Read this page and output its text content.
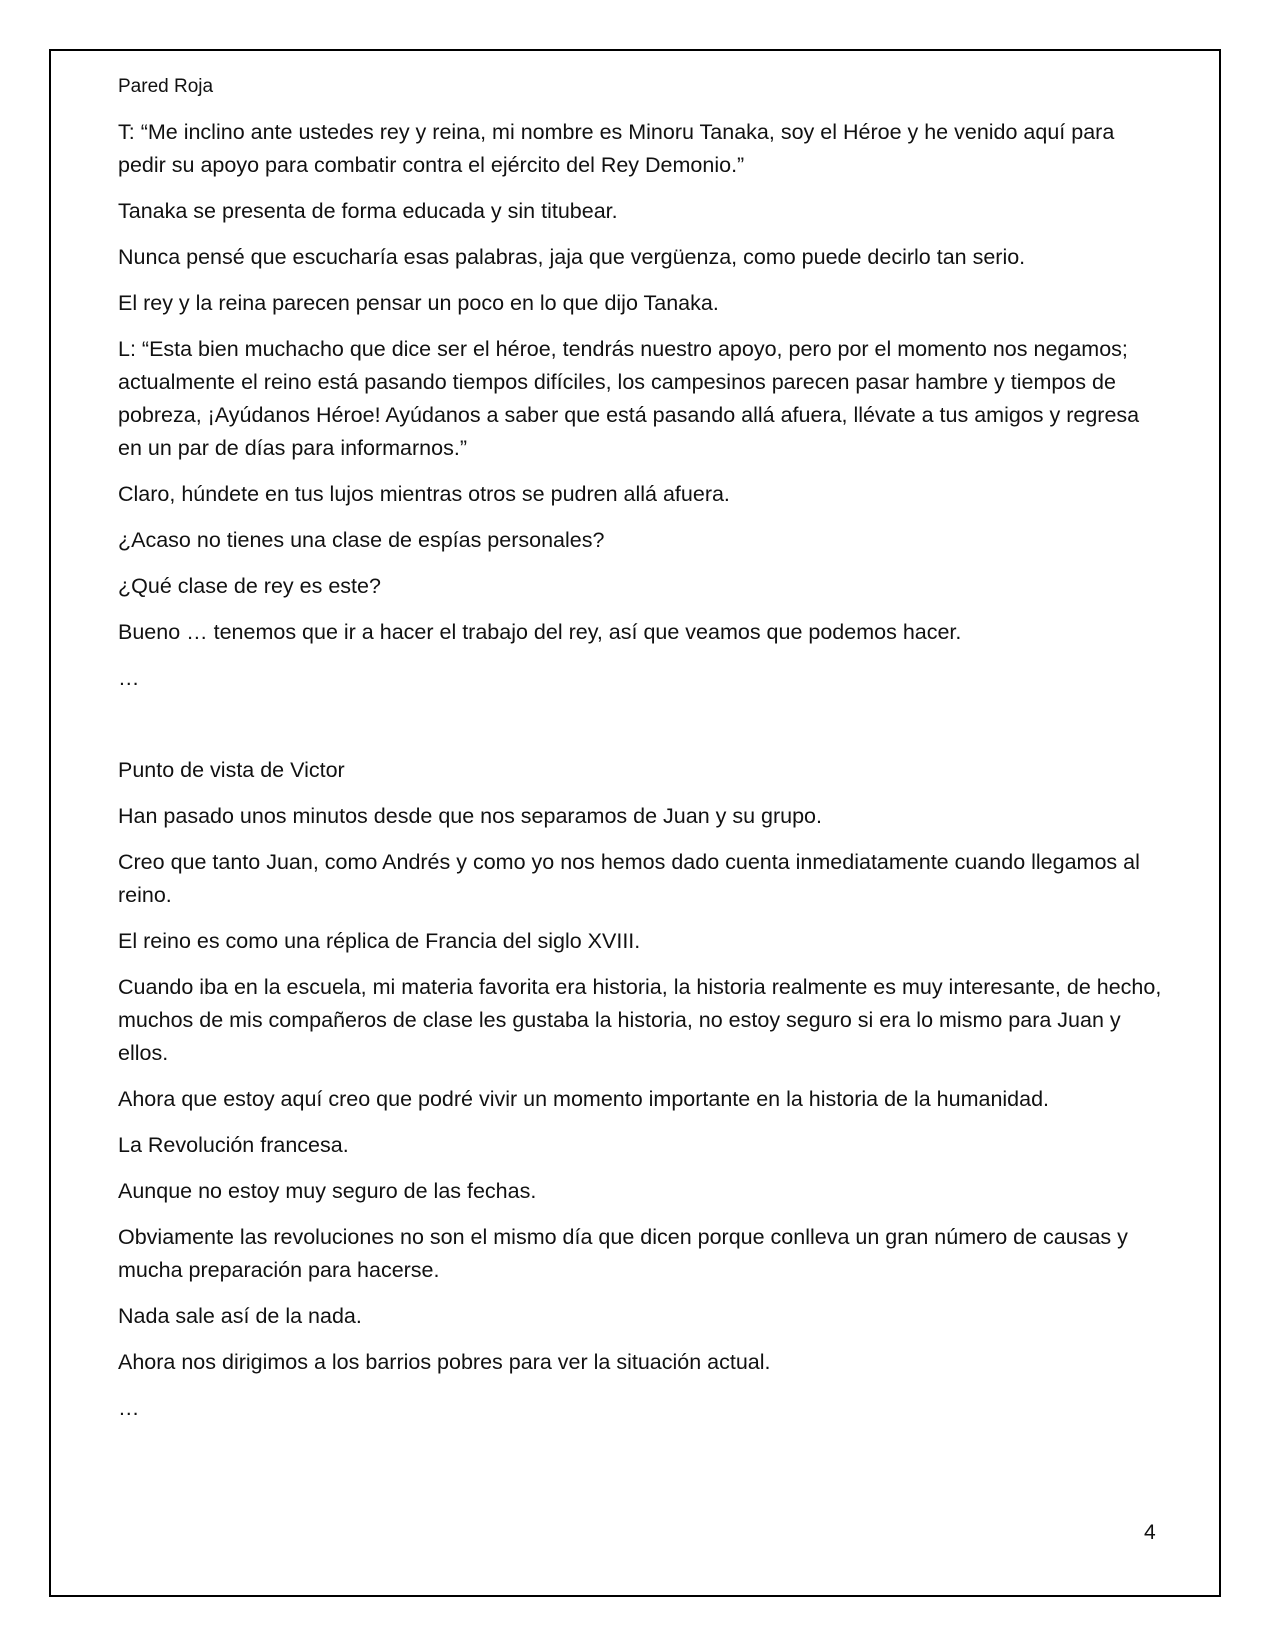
Pared Roja

T: “Me inclino ante ustedes rey y reina, mi nombre es Minoru Tanaka, soy el Héroe y he venido aquí para pedir su apoyo para combatir contra el ejército del Rey Demonio.”

Tanaka se presenta de forma educada y sin titubear.

Nunca pensé que escucharía esas palabras, jaja que vergüenza, como puede decirlo tan serio.

El rey y la reina parecen pensar un poco en lo que dijo Tanaka.

L: “Esta bien muchacho que dice ser el héroe, tendrás nuestro apoyo, pero por el momento nos negamos; actualmente el reino está pasando tiempos difíciles, los campesinos parecen pasar hambre y tiempos de pobreza, ¡Ayúdanos Héroe! Ayúdanos a saber que está pasando allá afuera, llévate a tus amigos y regresa en un par de días para informarnos.”

Claro, húndete en tus lujos mientras otros se pudren allá afuera.

¿Acaso no tienes una clase de espías personales?

¿Qué clase de rey es este?

Bueno … tenemos que ir a hacer el trabajo del rey, así que veamos que podemos hacer.

…

Punto de vista de Victor

Han pasado unos minutos desde que nos separamos de Juan y su grupo.

Creo que tanto Juan, como Andrés y como yo nos hemos dado cuenta inmediatamente cuando llegamos al reino.

El reino es como una réplica de Francia del siglo XVIII.

Cuando iba en la escuela, mi materia favorita era historia, la historia realmente es muy interesante, de hecho, muchos de mis compañeros de clase les gustaba la historia, no estoy seguro si era lo mismo para Juan y ellos.

Ahora que estoy aquí creo que podré vivir un momento importante en la historia de la humanidad.

La Revolución francesa.

Aunque no estoy muy seguro de las fechas.

Obviamente las revoluciones no son el mismo día que dicen porque conlleva un gran número de causas y mucha preparación para hacerse.

Nada sale así de la nada.

Ahora nos dirigimos a los barrios pobres para ver la situación actual.

…

4
